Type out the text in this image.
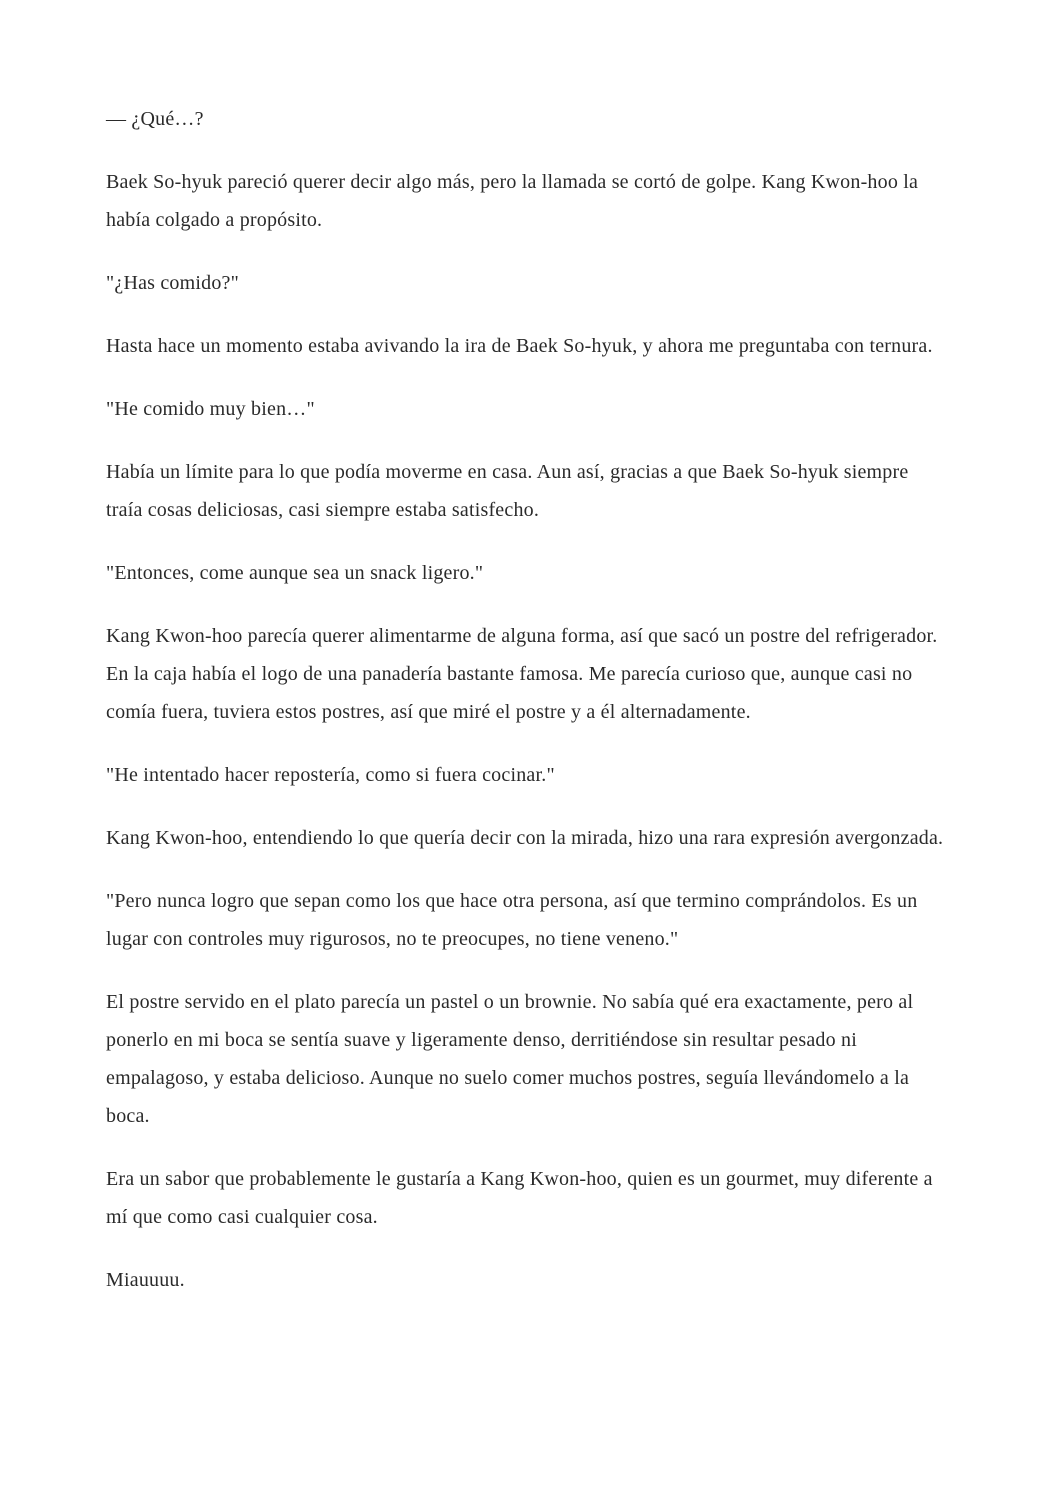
— ¿Qué…?

Baek So-hyuk pareció querer decir algo más, pero la llamada se cortó de golpe. Kang Kwon-hoo la había colgado a propósito.

"¿Has comido?"

Hasta hace un momento estaba avivando la ira de Baek So-hyuk, y ahora me preguntaba con ternura.

"He comido muy bien…"

Había un límite para lo que podía moverme en casa. Aun así, gracias a que Baek So-hyuk siempre traía cosas deliciosas, casi siempre estaba satisfecho.

"Entonces, come aunque sea un snack ligero."

Kang Kwon-hoo parecía querer alimentarme de alguna forma, así que sacó un postre del refrigerador. En la caja había el logo de una panadería bastante famosa. Me parecía curioso que, aunque casi no comía fuera, tuviera estos postres, así que miré el postre y a él alternadamente.

"He intentado hacer repostería, como si fuera cocinar."

Kang Kwon-hoo, entendiendo lo que quería decir con la mirada, hizo una rara expresión avergonzada.

"Pero nunca logro que sepan como los que hace otra persona, así que termino comprándolos. Es un lugar con controles muy rigurosos, no te preocupes, no tiene veneno."

El postre servido en el plato parecía un pastel o un brownie. No sabía qué era exactamente, pero al ponerlo en mi boca se sentía suave y ligeramente denso, derritiéndose sin resultar pesado ni empalagoso, y estaba delicioso. Aunque no suelo comer muchos postres, seguía llevándomelo a la boca.

Era un sabor que probablemente le gustaría a Kang Kwon-hoo, quien es un gourmet, muy diferente a mí que como casi cualquier cosa.

Miauuuu.
